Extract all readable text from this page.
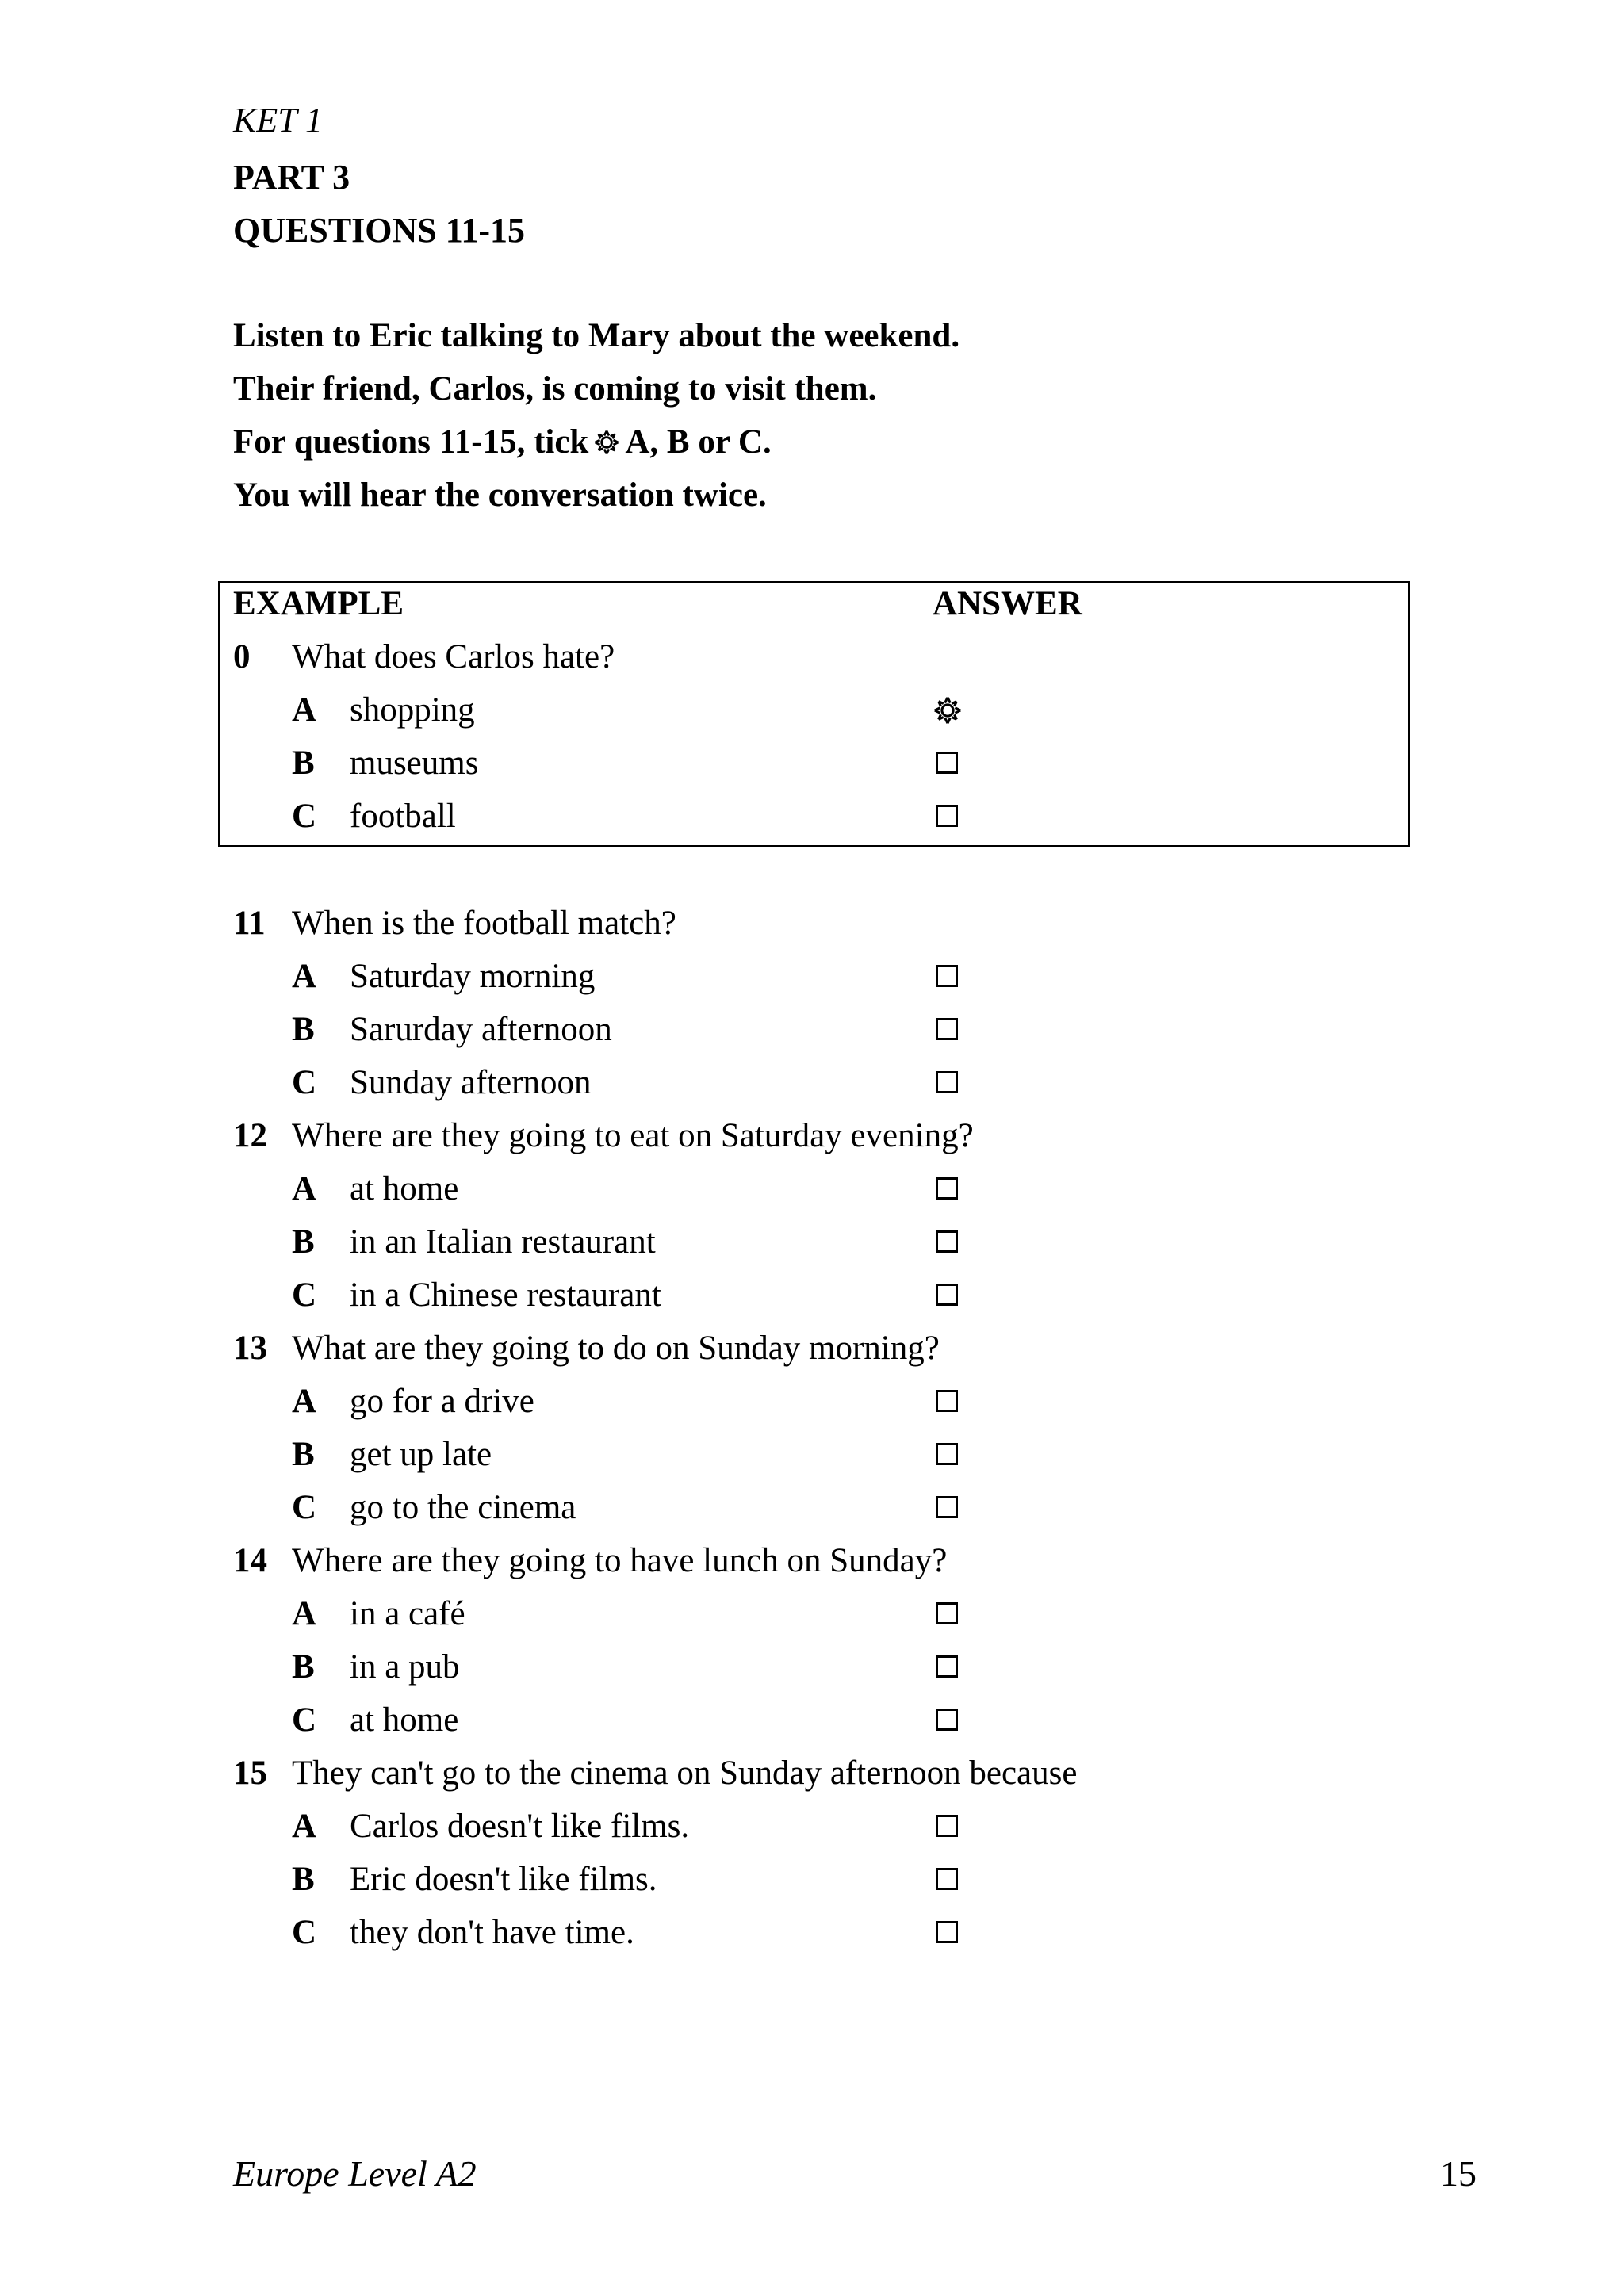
KET 1
PART 3
QUESTIONS 11-15
Listen to Eric talking to Mary about the weekend.
Their friend, Carlos, is coming to visit them.
For questions 11-15, tick A, B or C.
You will hear the conversation twice.
EXAMPLE	ANSWER
0 What does Carlos hate?
A shopping
B museums
C football
11 When is the football match?
A Saturday morning
B Sarurday afternoon
C Sunday afternoon
12 Where are they going to eat on Saturday evening?
A at home
B in an Italian restaurant
C in a Chinese restaurant
13 What are they going to do on Sunday morning?
A go for a drive
B get up late
C go to the cinema
14 Where are they going to have lunch on Sunday?
A in a café
B in a pub
C at home
15 They can't go to the cinema on Sunday afternoon because
A Carlos doesn't like films.
B Eric doesn't like films.
C they don't have time.
Europe Level A2	15
